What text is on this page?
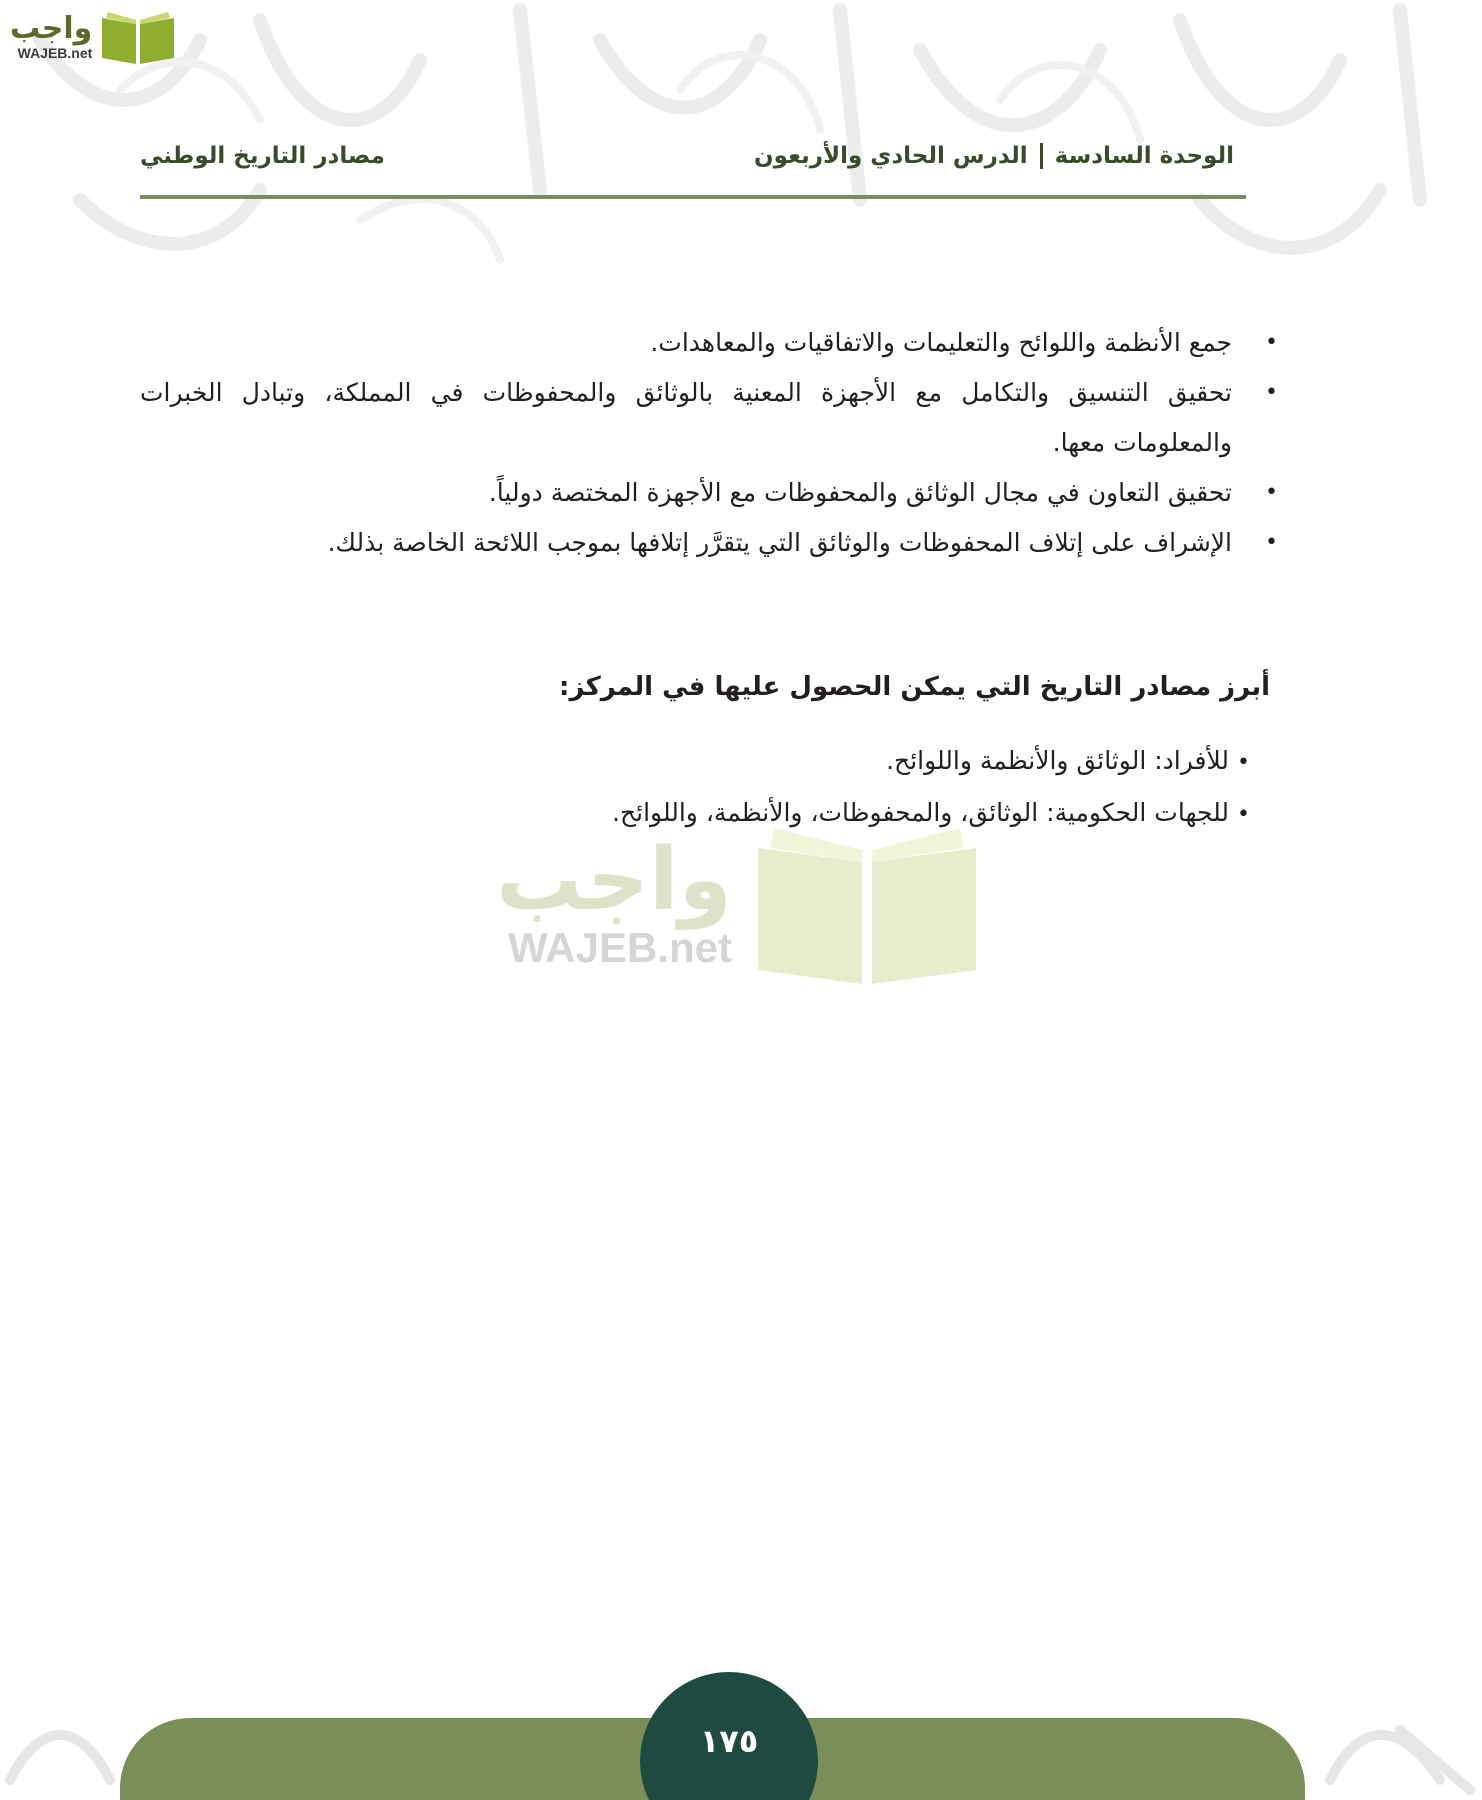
واجب
WAJEB.net
الوحدة السادسة
الدرس الحادي والأربعون
مصادر التاريخ الوطني
•
جمع الأنظمة واللوائح والتعليمات والاتفاقيات والمعاهدات.
•
تحقيق التنسيق والتكامل مع الأجهزة المعنية بالوثائق والمحفوظات في المملكة، وتبادل الخبرات والمعلومات معها.
•
تحقيق التعاون في مجال الوثائق والمحفوظات مع الأجهزة المختصة دولياً.
•
الإشراف على إتلاف المحفوظات والوثائق التي يتقرَّر إتلافها بموجب اللائحة الخاصة بذلك.
أبرز مصادر التاريخ التي يمكن الحصول عليها في المركز:
•للأفراد: الوثائق والأنظمة واللوائح.
•للجهات الحكومية: الوثائق، والمحفوظات، والأنظمة، واللوائح.
واجب
WAJEB.net
١٧٥
